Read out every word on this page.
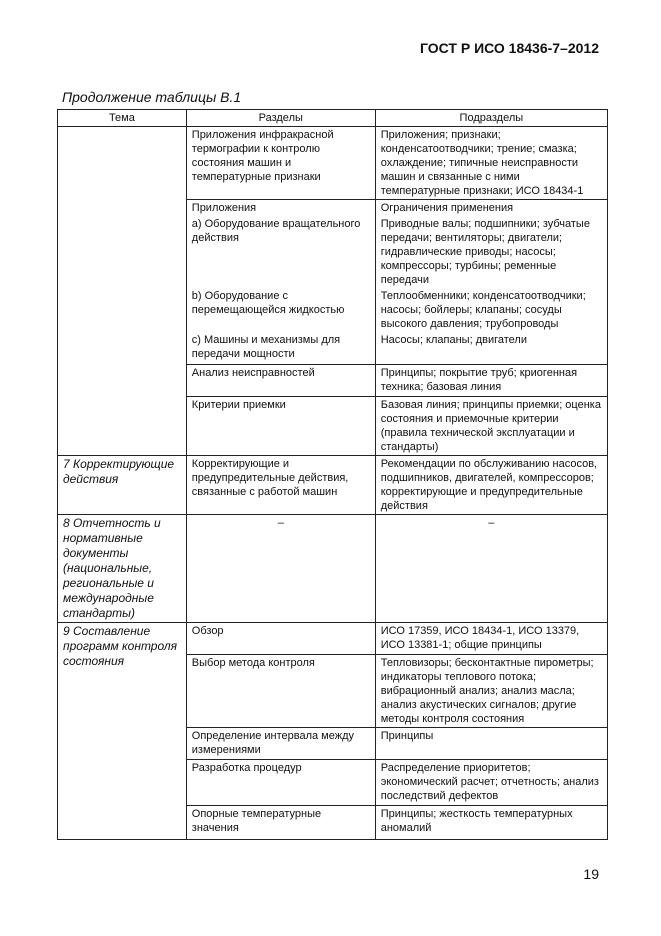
ГОСТ Р ИСО 18436-7–2012
Продолжение таблицы В.1
Тема	Разделы	Подразделы
	Приложения инфракрасной термографии к контролю состояния машин и температурные признаки	Приложения; признаки; конденсатоотводчики; трение; смазка; охлаждение; типичные неисправности машин и связанные с ними температурные признаки; ИСО 18434-1
	Приложения	Ограничения применения
	a) Оборудование вращательного действия	Приводные валы; подшипники; зубчатые передачи; вентиляторы; двигатели; гидравлические приводы; насосы; компрессоры; турбины; ременные передачи
	b) Оборудование с перемещающейся жидкостью	Теплообменники; конденсатоотводчики; насосы; бойлеры; клапаны; сосуды высокого давления; трубопроводы
	c) Машины и механизмы для передачи мощности	Насосы; клапаны; двигатели
	Анализ неисправностей	Принципы; покрытие труб; криогенная техника; базовая линия
	Критерии приемки	Базовая линия; принципы приемки; оценка состояния и приемочные критерии (правила технической эксплуатации и стандарты)
7 Корректирующие действия	Корректирующие и предупредительные действия, связанные с работой машин	Рекомендации по обслуживанию насосов, подшипников, двигателей, компрессоров; корректирующие и предупредительные действия
8 Отчетность и нормативные документы (национальные, региональные и международные стандарты)	–	–
9 Составление программ контроля состояния	Обзор	ИСО 17359, ИСО 18434-1, ИСО 13379, ИСО 13381-1; общие принципы
	Выбор метода контроля	Тепловизоры; бесконтактные пирометры; индикаторы теплового потока; вибрационный анализ; анализ масла; анализ акустических сигналов; другие методы контроля состояния
	Определение интервала между измерениями	Принципы
	Разработка процедур	Распределение приоритетов; экономический расчет; отчетность; анализ последствий дефектов
	Опорные температурные значения	Принципы; жесткость температурных аномалий
19
